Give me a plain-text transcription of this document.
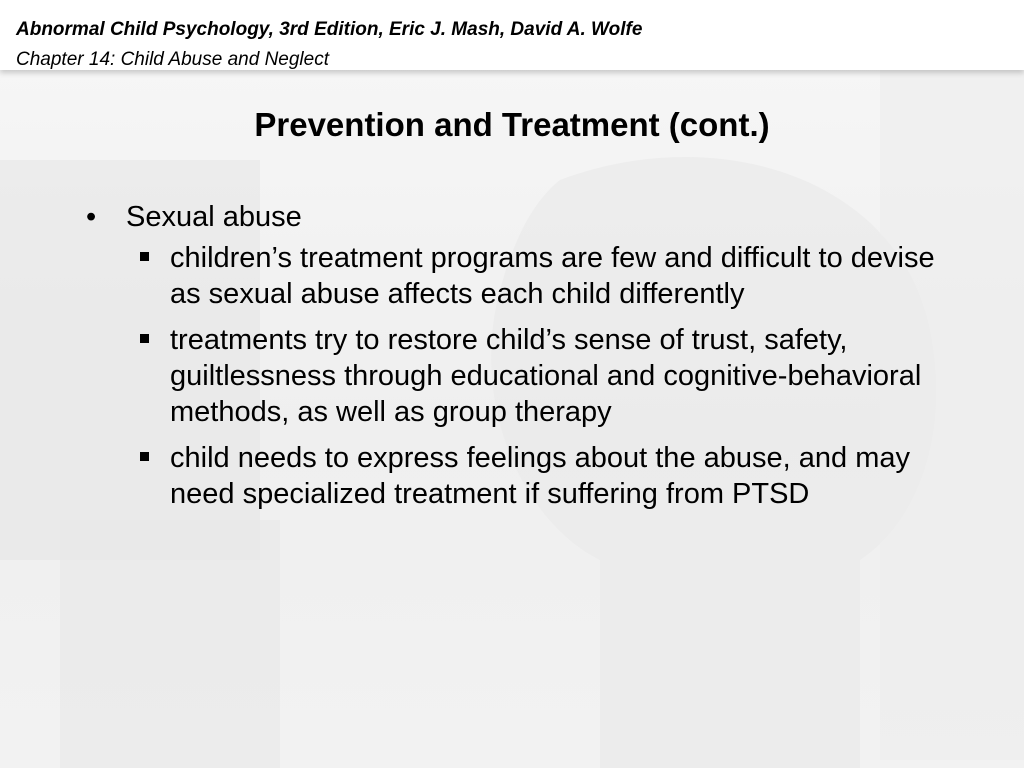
Abnormal Child Psychology, 3rd Edition, Eric J. Mash, David A. Wolfe
Chapter 14: Child Abuse and Neglect
Prevention and Treatment (cont.)
• Sexual abuse
children’s treatment programs are few and difficult to devise as sexual abuse affects each child differently
treatments try to restore child’s sense of trust, safety, guiltlessness through educational and cognitive-behavioral methods, as well as group therapy
child needs to express feelings about the abuse, and may need specialized treatment if suffering from PTSD
